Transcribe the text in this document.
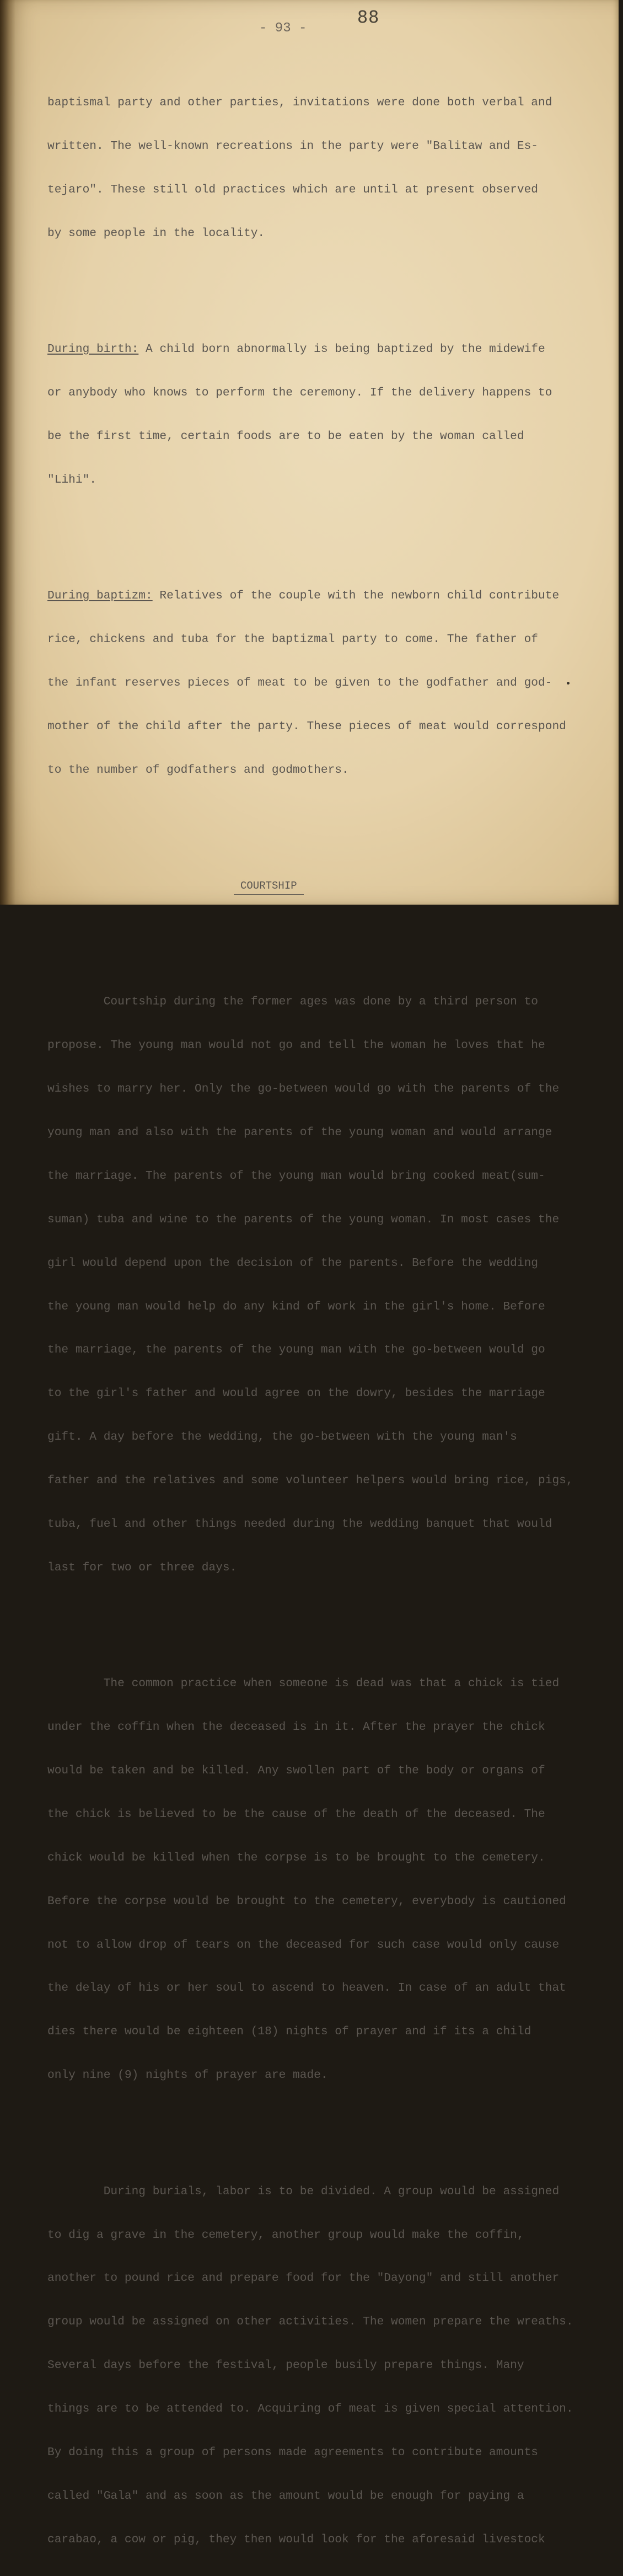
88
- 93 -

baptismal party and other parties, invitations were done both verbal and

written. The well-known recreations in the party were "Balitaw and Es-

tejaro". These still old practices which are until at present observed

by some people in the locality.

During birth: A child born abnormally is being baptized by the midewife

or anybody who knows to perform the ceremony. If the delivery happens to

be the first time, certain foods are to be eaten by the woman called

"Lihi".

During baptizm: Relatives of the couple with the newborn child contribute

rice, chickens and tuba for the baptizmal party to come. The father of

the infant reserves pieces of meat to be given to the godfather and god-

mother of the child after the party. These pieces of meat would correspond

to the number of godfathers and godmothers.

COURTSHIP

Courtship during the former ages was done by a third person to

propose. The young man would not go and tell the woman he loves that he

wishes to marry her. Only the go-between would go with the parents of the

young man and also with the parents of the young woman and would arrange

the marriage. The parents of the young man would bring cooked meat(sum-

suman) tuba and wine to the parents of the young woman. In most cases the

girl would depend upon the decision of the parents. Before the wedding

the young man would help do any kind of work in the girl's home. Before

the marriage, the parents of the young man with the go-between would go

to the girl's father and would agree on the dowry, besides the marriage

gift. A day before the wedding, the go-between with the young man's

father and the relatives and some volunteer helpers would bring rice, pigs,

tuba, fuel and other things needed during the wedding banquet that would

last for two or three days.

The common practice when someone is dead was that a chick is tied

under the coffin when the deceased is in it. After the prayer the chick

would be taken and be killed. Any swollen part of the body or organs of

the chick is believed to be the cause of the death of the deceased. The

chick would be killed when the corpse is to be brought to the cemetery.

Before the corpse would be brought to the cemetery, everybody is cautioned

not to allow drop of tears on the deceased for such case would only cause

the delay of his or her soul to ascend to heaven. In case of an adult that

dies there would be eighteen (18) nights of prayer and if its a child

only nine (9) nights of prayer are made.

During burials, labor is to be divided. A group would be assigned

to dig a grave in the cemetery, another group would make the coffin,

another to pound rice and prepare food for the "Dayong" and still another

group would be assigned on other activities. The women prepare the wreaths.

Several days before the festival, people busily prepare things. Many

things are to be attended to. Acquiring of meat is given special attention.

By doing this a group of persons made agreements to contribute amounts

called "Gala" and as soon as the amount would be enough for paying a

carabao, a cow or pig, they then would look for the aforesaid livestock
